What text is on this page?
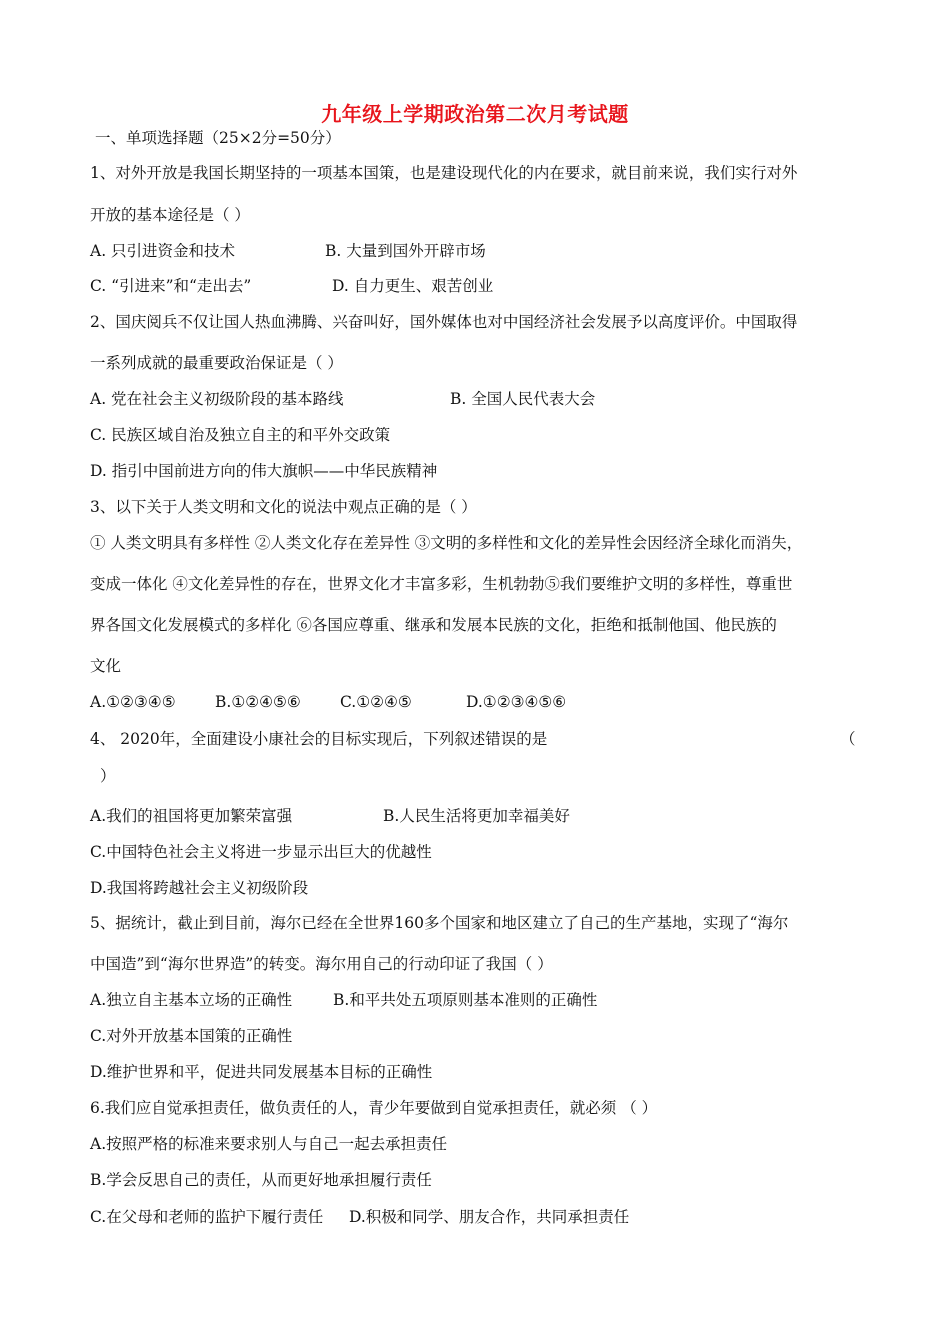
九年级上学期政治第二次月考试题
一、单项选择题（25×2分=50分）
1、对外开放是我国长期坚持的一项基本国策，也是建设现代化的内在要求，就目前来说，我们实行对外
开放的基本途径是（ ）
A. 只引进资金和技术	B. 大量到国外开辟市场
C. “引进来”和“走出去”	D. 自力更生、艰苦创业
2、国庆阅兵不仅让国人热血沸腾、兴奋叫好，国外媒体也对中国经济社会发展予以高度评价。中国取得
一系列成就的最重要政治保证是（ ）
A. 党在社会主义初级阶段的基本路线	B. 全国人民代表大会
C. 民族区域自治及独立自主的和平外交政策
D. 指引中国前进方向的伟大旗帜——中华民族精神
3、以下关于人类文明和文化的说法中观点正确的是（ ）
① 人类文明具有多样性 ②人类文化存在差异性 ③文明的多样性和文化的差异性会因经济全球化而消失，
变成一体化 ④文化差异性的存在，世界文化才丰富多彩，生机勃勃⑤我们要维护文明的多样性，尊重世
界各国文化发展模式的多样化 ⑥各国应尊重、继承和发展本民族的文化，拒绝和抵制他国、他民族的
文化
A.①②③④⑤	B.①②④⑤⑥	C.①②④⑤	D.①②③④⑤⑥
4、 2020年，全面建设小康社会的目标实现后，下列叙述错误的是	（
）
A.我们的祖国将更加繁荣富强	B.人民生活将更加幸福美好
C.中国特色社会主义将进一步显示出巨大的优越性
D.我国将跨越社会主义初级阶段
5、据统计，截止到目前，海尔已经在全世界160多个国家和地区建立了自己的生产基地，实现了“海尔
中国造”到“海尔世界造”的转变。海尔用自己的行动印证了我国（ ）
A.独立自主基本立场的正确性	B.和平共处五项原则基本准则的正确性
C.对外开放基本国策的正确性
D.维护世界和平，促进共同发展基本目标的正确性
6.我们应自觉承担责任，做负责任的人，青少年要做到自觉承担责任，就必须 （ ）
A.按照严格的标准来要求别人与自己一起去承担责任
B.学会反思自己的责任，从而更好地承担履行责任
C.在父母和老师的监护下履行责任 D.积极和同学、朋友合作，共同承担责任
